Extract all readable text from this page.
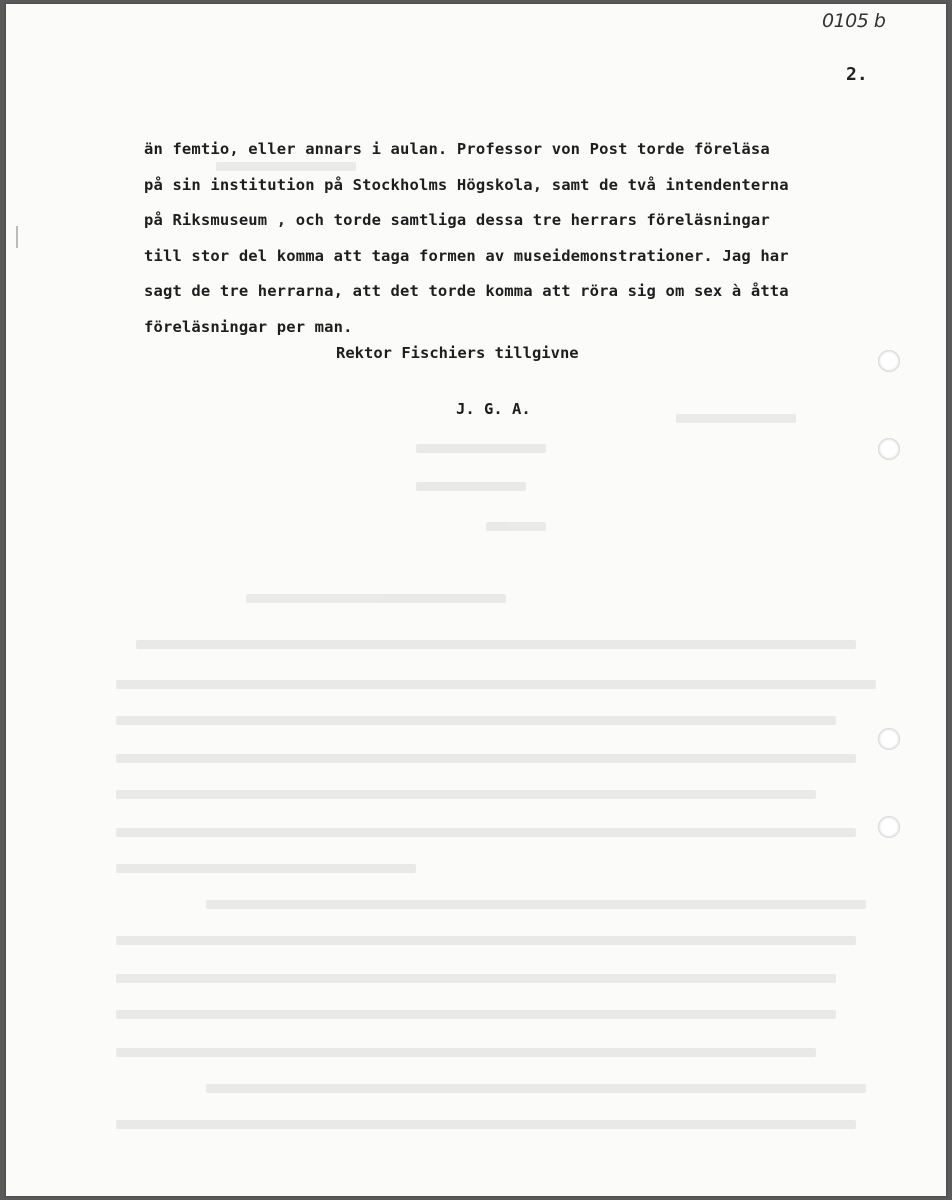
0105 b
2.
än femtio, eller annars i aulan. Professor von Post torde föreläsa
på sin institution på Stockholms Högskola, samt de två intendenterna
på Riksmuseum , och torde samtliga dessa tre herrars föreläsningar
till stor del komma att taga formen av museidemonstrationer. Jag har
sagt de tre herrarna, att det torde komma att röra sig om sex à åtta
föreläsningar per man.
Rektor Fischiers tillgivne
J. G. A.
